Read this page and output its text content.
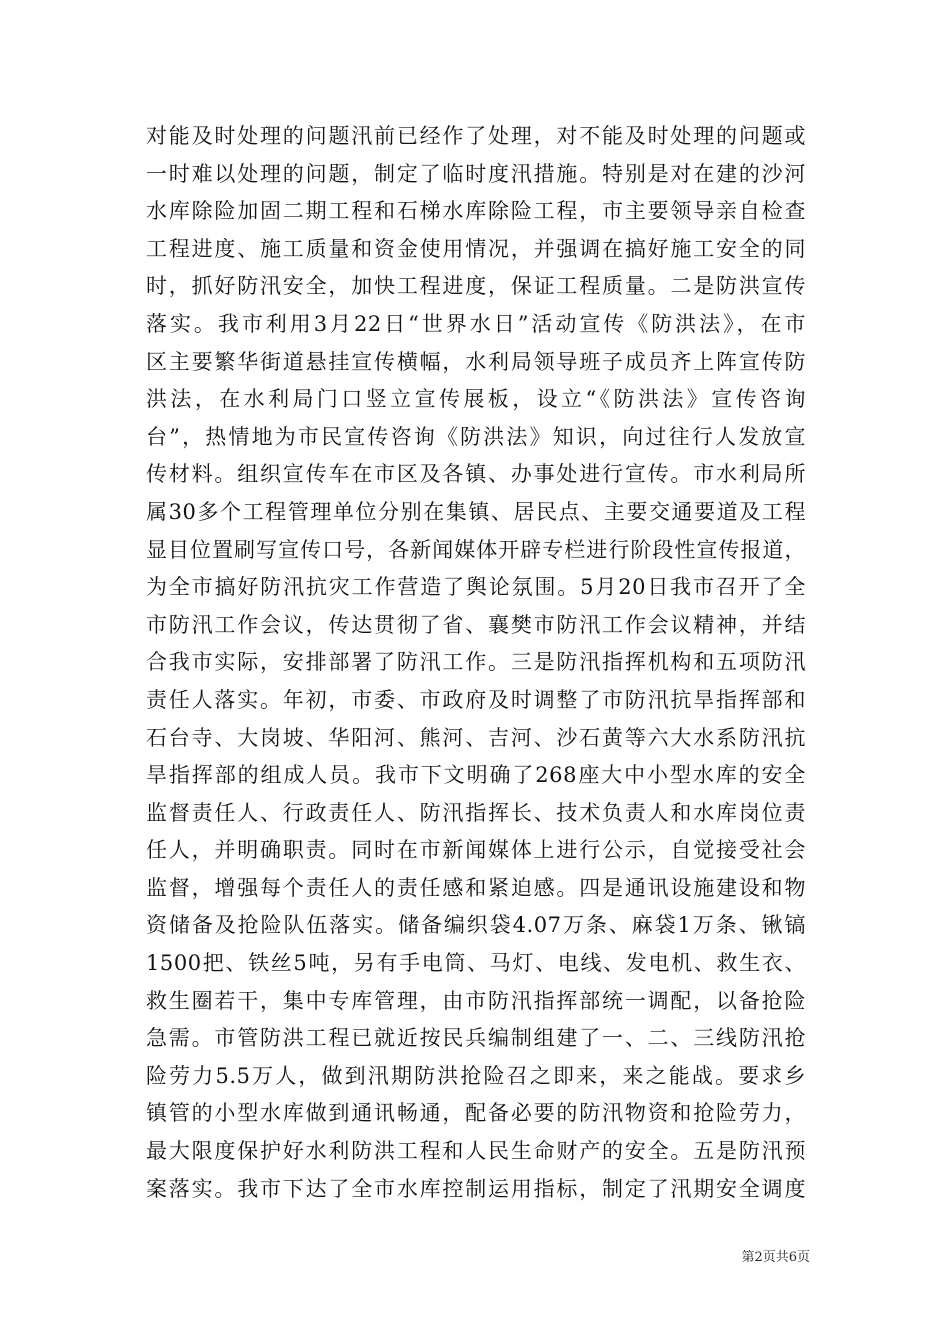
对能及时处理的问题汛前已经作了处理，对不能及时处理的问题或
一时难以处理的问题，制定了临时度汛措施。特别是对在建的沙河
水库除险加固二期工程和石梯水库除险工程，市主要领导亲自检查
工程进度、施工质量和资金使用情况，并强调在搞好施工安全的同
时，抓好防汛安全，加快工程进度，保证工程质量。二是防洪宣传
落实。我市利用3月22日“世界水日”活动宣传《防洪法》，在市
区主要繁华街道悬挂宣传横幅，水利局领导班子成员齐上阵宣传防
洪法，在水利局门口竖立宣传展板，设立“《防洪法》宣传咨询
台”，热情地为市民宣传咨询《防洪法》知识，向过往行人发放宣
传材料。组织宣传车在市区及各镇、办事处进行宣传。市水利局所
属30多个工程管理单位分别在集镇、居民点、主要交通要道及工程
显目位置刷写宣传口号，各新闻媒体开辟专栏进行阶段性宣传报道，
为全市搞好防汛抗灾工作营造了舆论氛围。5月20日我市召开了全
市防汛工作会议，传达贯彻了省、襄樊市防汛工作会议精神，并结
合我市实际，安排部署了防汛工作。三是防汛指挥机构和五项防汛
责任人落实。年初，市委、市政府及时调整了市防汛抗旱指挥部和
石台寺、大岗坡、华阳河、熊河、吉河、沙石黄等六大水系防汛抗
旱指挥部的组成人员。我市下文明确了268座大中小型水库的安全
监督责任人、行政责任人、防汛指挥长、技术负责人和水库岗位责
任人，并明确职责。同时在市新闻媒体上进行公示，自觉接受社会
监督，增强每个责任人的责任感和紧迫感。四是通讯设施建设和物
资储备及抢险队伍落实。储备编织袋4.07万条、麻袋1万条、锹镐
1500把、铁丝5吨，另有手电筒、马灯、电线、发电机、救生衣、
救生圈若干，集中专库管理，由市防汛指挥部统一调配，以备抢险
急需。市管防洪工程已就近按民兵编制组建了一、二、三线防汛抢
险劳力5.5万人，做到汛期防洪抢险召之即来，来之能战。要求乡
镇管的小型水库做到通讯畅通，配备必要的防汛物资和抢险劳力，
最大限度保护好水利防洪工程和人民生命财产的安全。五是防汛预
案落实。我市下达了全市水库控制运用指标，制定了汛期安全调度
第2页共6页
